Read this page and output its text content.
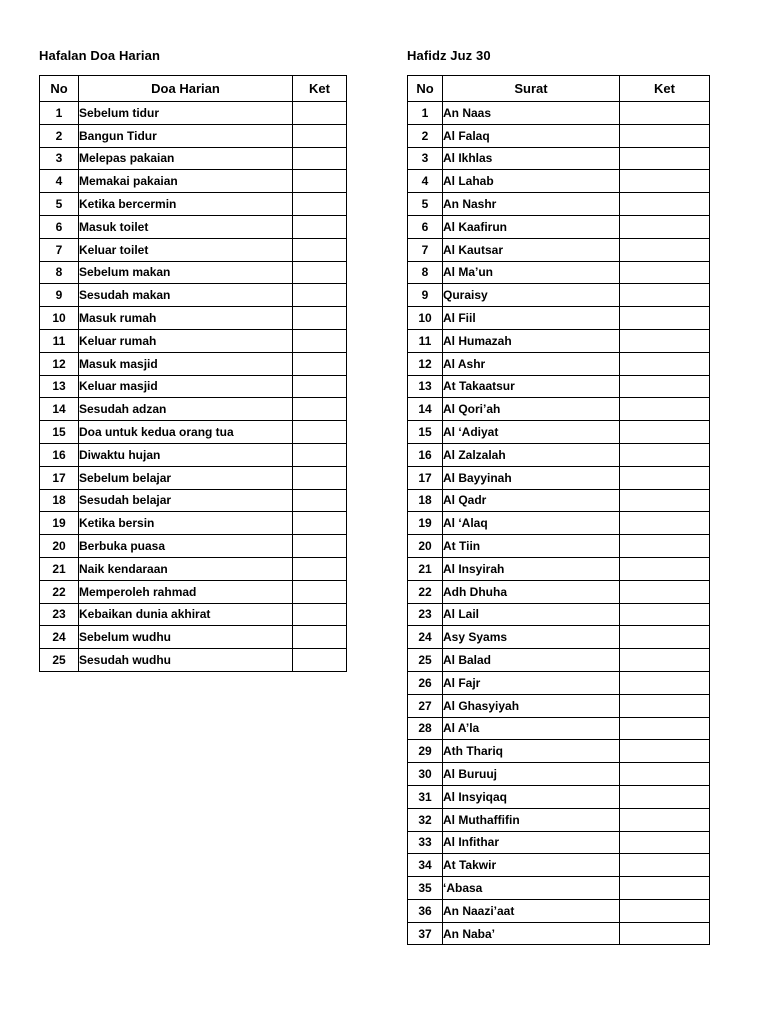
Hafalan Doa Harian	Hafidz Juz 30
No	Doa Harian	Ket
1	Sebelum tidur	
2	Bangun Tidur	
3	Melepas pakaian	
4	Memakai pakaian	
5	Ketika bercermin	
6	Masuk toilet	
7	Keluar toilet	
8	Sebelum makan	
9	Sesudah makan	
10	Masuk rumah	
11	Keluar rumah	
12	Masuk masjid	
13	Keluar masjid	
14	Sesudah adzan	
15	Doa untuk kedua orang tua	
16	Diwaktu hujan	
17	Sebelum belajar	
18	Sesudah belajar	
19	Ketika bersin	
20	Berbuka puasa	
21	Naik kendaraan	
22	Memperoleh rahmad	
23	Kebaikan dunia akhirat	
24	Sebelum wudhu	
25	Sesudah wudhu	
No	Surat	Ket
1	An Naas	
2	Al Falaq	
3	Al Ikhlas	
4	Al Lahab	
5	An Nashr	
6	Al Kaafirun	
7	Al Kautsar	
8	Al Ma’un	
9	Quraisy	
10	Al Fiil	
11	Al Humazah	
12	Al Ashr	
13	At Takaatsur	
14	Al Qori’ah	
15	Al ‘Adiyat	
16	Al Zalzalah	
17	Al Bayyinah	
18	Al Qadr	
19	Al ‘Alaq	
20	At Tiin	
21	Al Insyirah	
22	Adh Dhuha	
23	Al Lail	
24	Asy Syams	
25	Al Balad	
26	Al Fajr	
27	Al Ghasyiyah	
28	Al A’la	
29	Ath Thariq	
30	Al Buruuj	
31	Al Insyiqaq	
32	Al Muthaffifin	
33	Al Infithar	
34	At Takwir	
35	‘Abasa	
36	An Naazi’aat	
37	An Naba’	
